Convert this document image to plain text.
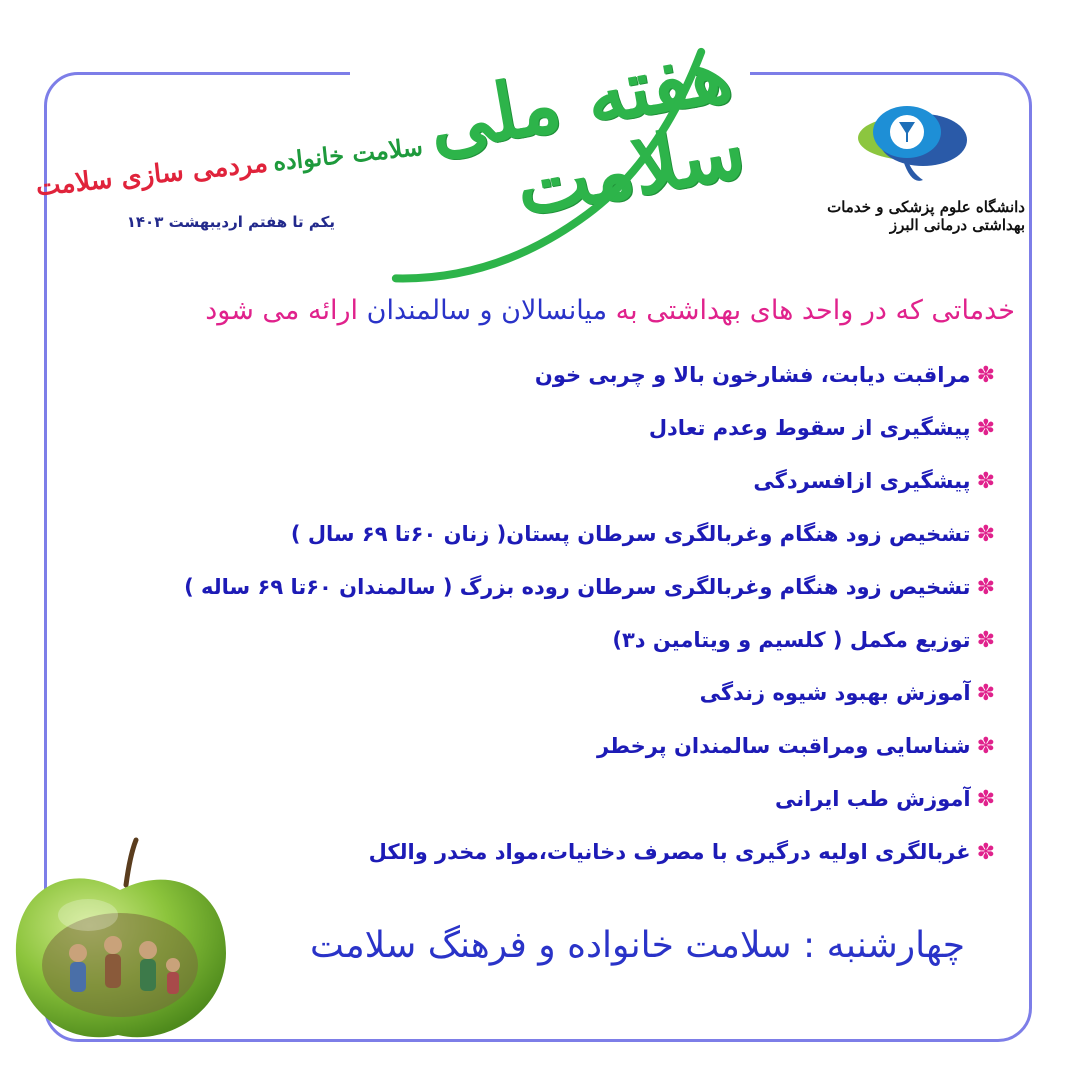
هفته ملی سلامت
سلامت خانواده مردمی سازی سلامت
یکم تا هفتم اردیبهشت ۱۴۰۳
دانشگاه علوم پزشکی و خدمات بهداشتی درمانی البرز
خدماتی که در واحد های بهداشتی به میانسالان و سالمندان ارائه می شود
✽مراقبت دیابت، فشارخون بالا و چربی خون
✽پیشگیری از سقوط وعدم تعادل
✽پیشگیری ازافسردگی
✽تشخیص زود هنگام وغربالگری سرطان پستان( زنان ۶۰تا ۶۹ سال )
✽تشخیص زود هنگام وغربالگری سرطان روده بزرگ ( سالمندان ۶۰تا ۶۹ ساله )
✽توزیع مکمل ( کلسیم و ویتامین د۳)
✽آموزش بهبود شیوه زندگی
✽شناسایی ومراقبت سالمندان پرخطر
✽آموزش طب ایرانی
✽غربالگری اولیه درگیری با مصرف دخانیات،مواد مخدر والکل
چهارشنبه : سلامت خانواده و فرهنگ سلامت
